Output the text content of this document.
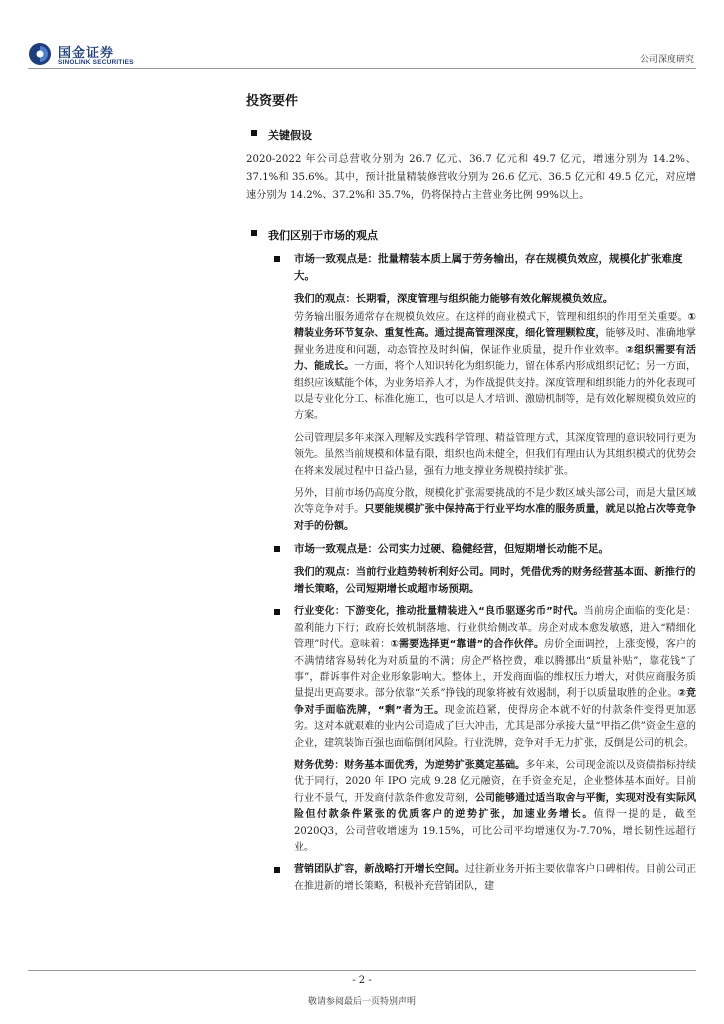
国金证券
SINOLINK SECURITIES	公司深度研究
投资要件
关键假设

2020-2022 年公司总营收分别为 26.7 亿元、36.7 亿元和 49.7 亿元，增速分别为 14.2%、37.1%和 35.6%。其中，预计批量精装修营收分别为 26.6 亿元、36.5 亿元和 49.5 亿元，对应增速分别为 14.2%、37.2%和 35.7%，仍将保持占主营业务比例 99%以上。

我们区别于市场的观点
市场一致观点是：批量精装本质上属于劳务输出，存在规模负效应，规模化扩张难度大。
我们的观点：长期看，深度管理与组织能力能够有效化解规模负效应。

劳务输出服务通常存在规模负效应。在这样的商业模式下，管理和组织的作用至关重要。①精装业务环节复杂、重复性高。通过提高管理深度，细化管理颗粒度，能够及时、准确地掌握业务进度和问题，动态管控及时纠偏，保证作业质量，提升作业效率。②组织需要有活力、能成长。一方面，将个人知识转化为组织能力，留在体系内形成组织记忆；另一方面，组织应该赋能个体，为业务培养人才，为作战提供支持。深度管理和组织能力的外化表现可以是专业化分工、标准化施工，也可以是人才培训、激励机制等，是有效化解规模负效应的方案。

公司管理层多年来深入理解及实践科学管理、精益管理方式，其深度管理的意识较同行更为领先。虽然当前规模和体量有限，组织也尚未健全，但我们有理由认为其组织模式的优势会在将来发展过程中日益凸显，强有力地支撑业务规模持续扩张。

另外，目前市场仍高度分散，规模化扩张需要挑战的不是少数区域头部公司，而是大量区域次等竞争对手。只要能规模扩张中保持高于行业平均水准的服务质量，就足以抢占次等竞争对手的份额。

市场一致观点是：公司实力过硬、稳健经营，但短期增长动能不足。
我们的观点：当前行业趋势转析利好公司。同时，凭借优秀的财务经营基本面、新推行的增长策略，公司短期增长或超市场预期。

行业变化：下游变化，推动批量精装进入“良币驱逐劣币”时代。当前房企面临的变化是：盈利能力下行；政府长效机制落地、行业供给侧改革。房企对成本愈发敏感，进入“精细化管理”时代。意味着：①需要选择更“靠谱”的合作伙伴。房价全面调控，上涨变慢，客户的不满情绪容易转化为对质量的不满；房企严格控费，难以腾挪出“质量补贴”，靠花钱“了事”，群诉事件对企业形象影响大。整体上，开发商面临的维权压力增大，对供应商服务质量提出更高要求。部分依靠“关系”挣钱的现象将被有效遏制，利于以质量取胜的企业。②竞争对手面临洗牌，“剩”者为王。现金流趋紧，使得房企本就不好的付款条件变得更加恶劣。这对本就艰难的业内公司造成了巨大冲击，尤其是部分承接大量“甲指乙供”资金生意的企业，建筑装饰百强也面临倒闭风险。行业洗牌，竞争对手无力扩张，反倒是公司的机会。

财务优势：财务基本面优秀，为逆势扩张奠定基础。多年来，公司现金流以及资债指标持续优于同行，2020 年 IPO 完成 9.28 亿元融资，在手资金充足，企业整体基本面好。目前行业不景气，开发商付款条件愈发苛刻，公司能够通过适当取舍与平衡，实现对没有实际风险但付款条件紧张的优质客户的逆势扩张，加速业务增长。值得一提的是，截至 2020Q3，公司营收增速为 19.15%，可比公司平均增速仅为-7.70%，增长韧性远超行业。

营销团队扩容，新战略打开增长空间。过往新业务开拓主要依靠客户口碑相传。目前公司正在推进新的增长策略，积极补充营销团队，建

- 2 -
敬请参阅最后一页特别声明
